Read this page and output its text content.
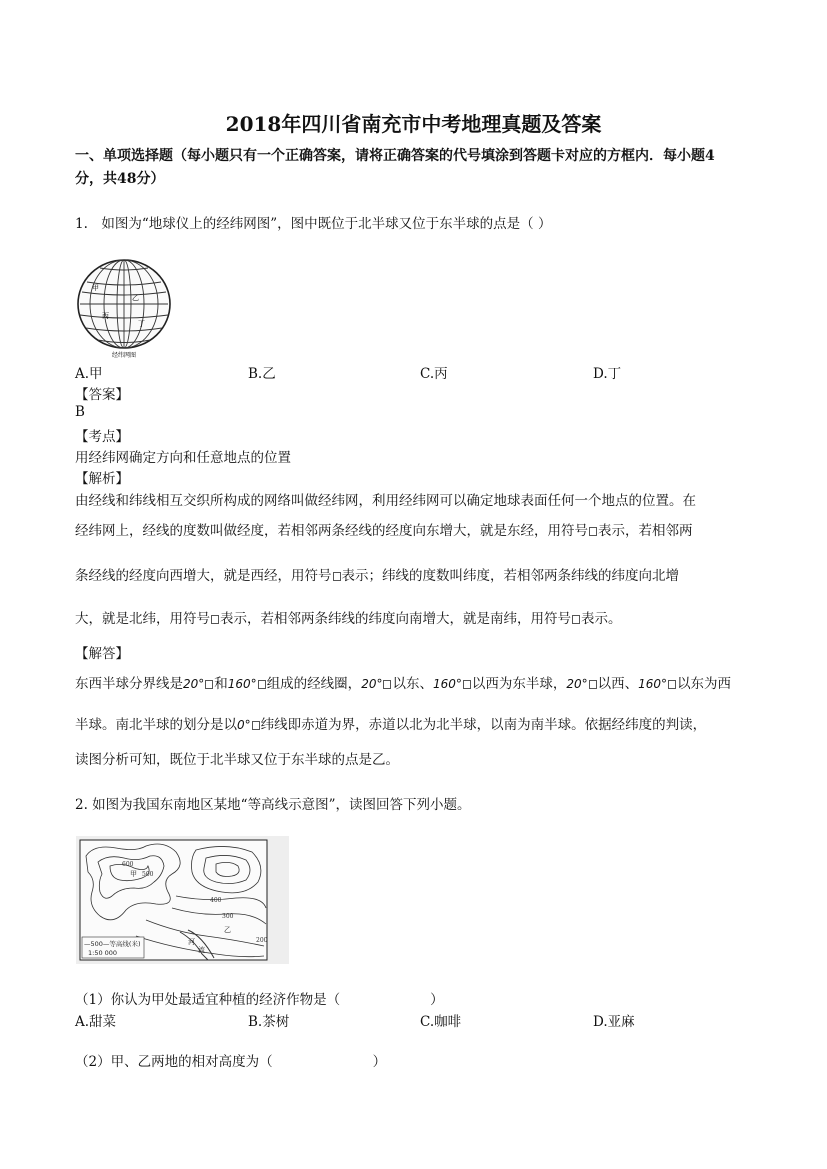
2018年四川省南充市中考地理真题及答案
一、单项选择题（每小题只有一个正确答案，请将正确答案的代号填涂到答题卡对应的方框内．每小题4
分，共48分）
1.　如图为“地球仪上的经纬网图”，图中既位于北半球又位于东半球的点是（ ）
甲
乙
丙
丁
经纬网图
A.甲	B.乙	C.丙	D.丁
【答案】
B
【考点】
用经纬网确定方向和任意地点的位置
【解析】
由经线和纬线相互交织所构成的网络叫做经纬网，利用经纬网可以确定地球表面任何一个地点的位置。在
经纬网上，经线的度数叫做经度，若相邻两条经线的经度向东增大，就是东经，用符号 表示，若相邻两
条经线的经度向西增大，就是西经，用符号 表示；纬线的度数叫纬度，若相邻两条纬线的纬度向北增
大，就是北纬，用符号 表示，若相邻两条纬线的纬度向南增大，就是南纬，用符号 表示。
【解答】
东西半球分界线是20° 和160° 组成的经线圈，20° 以东、160° 以西为东半球，20° 以西、160° 以东为西
半球。南北半球的划分是以0° 纬线即赤道为界，赤道以北为北半球，以南为南半球。依据经纬度的判读，
读图分析可知，既位于北半球又位于东半球的点是乙。
2. 如图为我国东南地区某地“等高线示意图”，读图回答下列小题。
600
500
400
300
200
甲
乙
河
流
—500—等高线(米)
1:50 000
（1）你认为甲处最适宜种植的经济作物是（	）
A.甜菜	B.茶树	C.咖啡	D.亚麻
（2）甲、乙两地的相对高度为（	）
